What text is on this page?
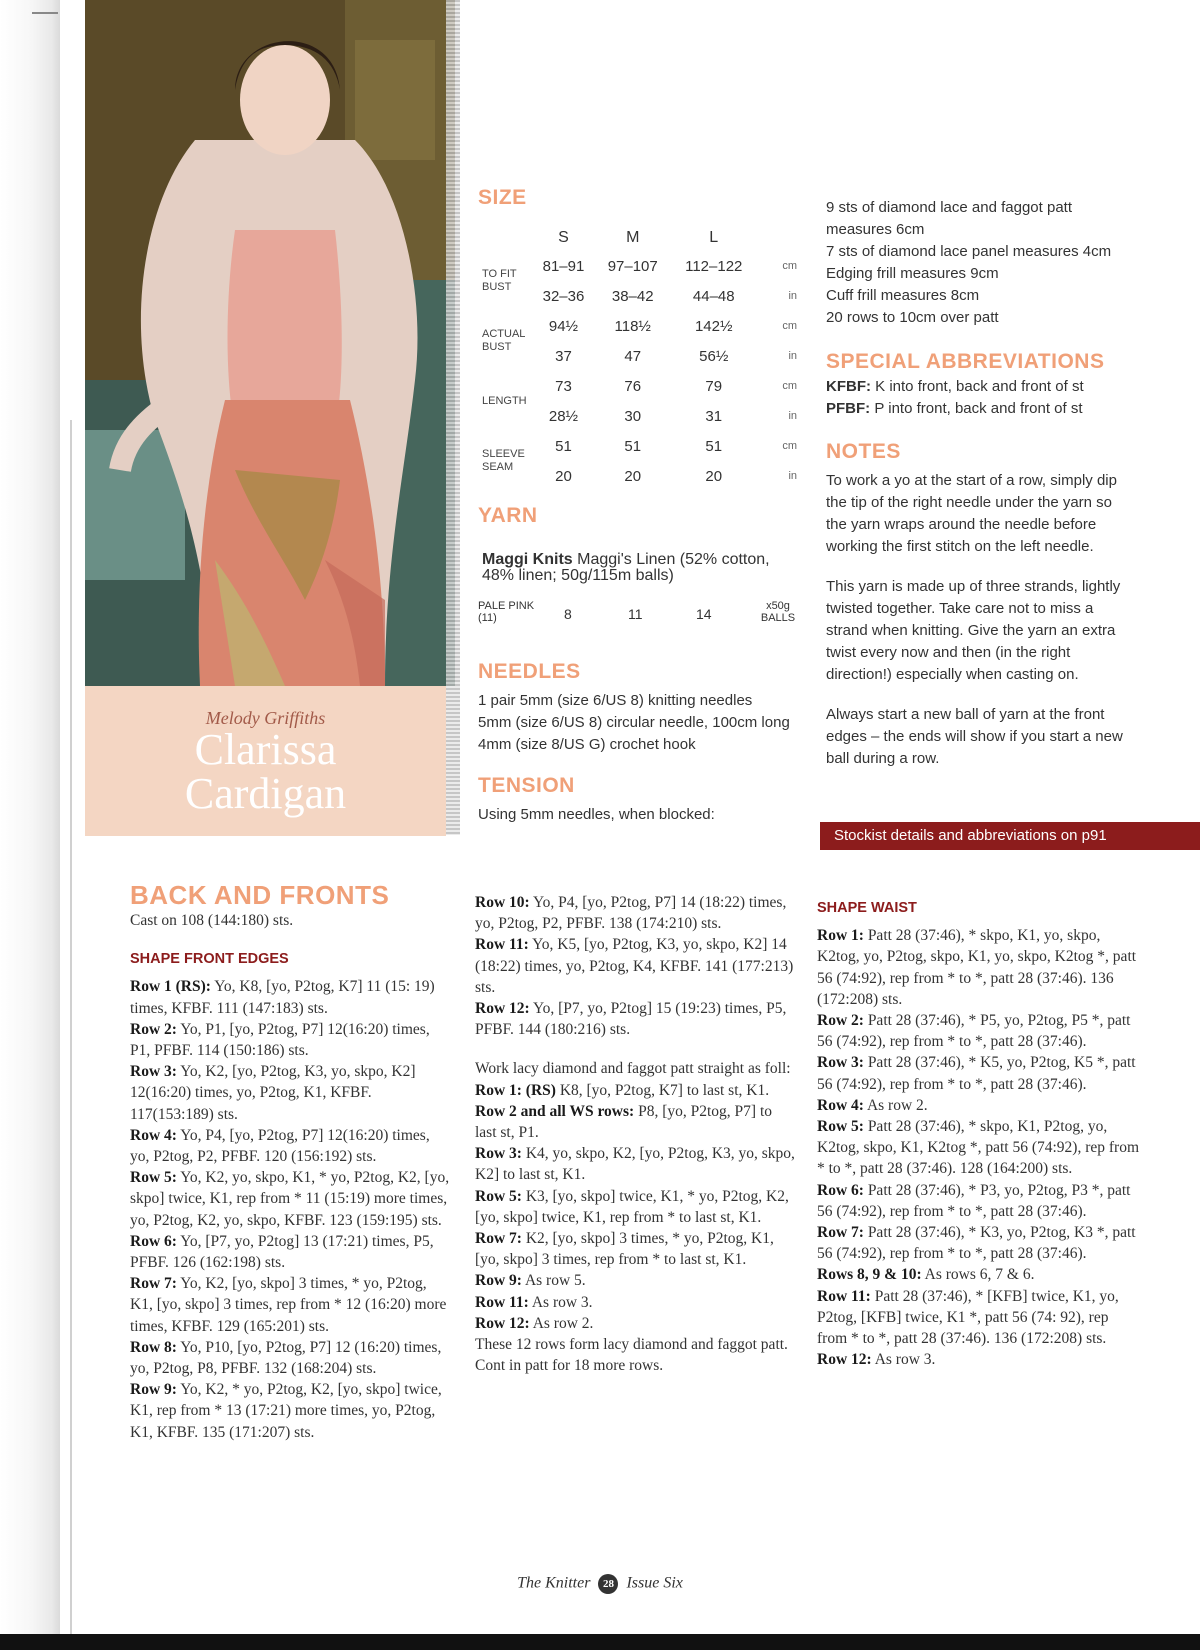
Melody Griffiths
Clarissa
Cardigan
SIZE
	S	M	L	
TO FIT
BUST	81–91	97–107	112–122	cm
	32–36	38–42	44–48	in
ACTUAL
BUST	94½	118½	142½	cm
	37	47	56½	in
LENGTH	73	76	79	cm
	28½	30	31	in
SLEEVE
SEAM	51	51	51	cm
	20	20	20	in
YARN
Maggi Knits Maggi's Linen (52% cotton, 48% linen; 50g/115m balls)
PALE PINK (11)	8	11	14	x50g BALLS
NEEDLES
1 pair 5mm (size 6/US 8) knitting needles
5mm (size 6/US 8) circular needle, 100cm long
4mm (size 8/US G) crochet hook
TENSION
Using 5mm needles, when blocked:
9 sts of diamond lace and faggot patt measures 6cm
7 sts of diamond lace panel measures 4cm
Edging frill measures 9cm
Cuff frill measures 8cm
20 rows to 10cm over patt
SPECIAL ABBREVIATIONS
KFBF: K into front, back and front of st
PFBF: P into front, back and front of st
NOTES
To work a yo at the start of a row, simply dip the tip of the right needle under the yarn so the yarn wraps around the needle before working the first stitch on the left needle.
This yarn is made up of three strands, lightly twisted together. Take care not to miss a strand when knitting. Give the yarn an extra twist every now and then (in the right direction!) especially when casting on.
Always start a new ball of yarn at the front edges – the ends will show if you start a new ball during a row.
Stockist details and abbreviations on p91
BACK AND FRONTS

Cast on 108 (144:180) sts.

SHAPE FRONT EDGES

Row 1 (RS): Yo, K8, [yo, P2tog, K7] 11 (15: 19) times, KFBF. 111 (147:183) sts.

Row 2: Yo, P1, [yo, P2tog, P7] 12(16:20) times, P1, PFBF. 114 (150:186) sts.

Row 3: Yo, K2, [yo, P2tog, K3, yo, skpo, K2] 12(16:20) times, yo, P2tog, K1, KFBF. 117(153:189) sts.

Row 4: Yo, P4, [yo, P2tog, P7] 12(16:20) times, yo, P2tog, P2, PFBF. 120 (156:192) sts.

Row 5: Yo, K2, yo, skpo, K1, * yo, P2tog, K2, [yo, skpo] twice, K1, rep from * 11 (15:19) more times, yo, P2tog, K2, yo, skpo, KFBF. 123 (159:195) sts.

Row 6: Yo, [P7, yo, P2tog] 13 (17:21) times, P5, PFBF. 126 (162:198) sts.

Row 7: Yo, K2, [yo, skpo] 3 times, * yo, P2tog, K1, [yo, skpo] 3 times, rep from * 12 (16:20) more times, KFBF. 129 (165:201) sts.

Row 8: Yo, P10, [yo, P2tog, P7] 12 (16:20) times, yo, P2tog, P8, PFBF. 132 (168:204) sts.

Row 9: Yo, K2, * yo, P2tog, K2, [yo, skpo] twice, K1, rep from * 13 (17:21) more times, yo, P2tog, K1, KFBF. 135 (171:207) sts.

Row 10: Yo, P4, [yo, P2tog, P7] 14 (18:22) times, yo, P2tog, P2, PFBF. 138 (174:210) sts.

Row 11: Yo, K5, [yo, P2tog, K3, yo, skpo, K2] 14 (18:22) times, yo, P2tog, K4, KFBF. 141 (177:213) sts.

Row 12: Yo, [P7, yo, P2tog] 15 (19:23) times, P5, PFBF. 144 (180:216) sts.

Work lacy diamond and faggot patt straight as foll:

Row 1: (RS) K8, [yo, P2tog, K7] to last st, K1.

Row 2 and all WS rows: P8, [yo, P2tog, P7] to last st, P1.

Row 3: K4, yo, skpo, K2, [yo, P2tog, K3, yo, skpo, K2] to last st, K1.

Row 5: K3, [yo, skpo] twice, K1, * yo, P2tog, K2, [yo, skpo] twice, K1, rep from * to last st, K1.

Row 7: K2, [yo, skpo] 3 times, * yo, P2tog, K1, [yo, skpo] 3 times, rep from * to last st, K1.

Row 9: As row 5.

Row 11: As row 3.

Row 12: As row 2.

These 12 rows form lacy diamond and faggot patt.

Cont in patt for 18 more rows.

SHAPE WAIST

Row 1: Patt 28 (37:46), * skpo, K1, yo, skpo, K2tog, yo, P2tog, skpo, K1, yo, skpo, K2tog *, patt 56 (74:92), rep from * to *, patt 28 (37:46). 136 (172:208) sts.

Row 2: Patt 28 (37:46), * P5, yo, P2tog, P5 *, patt 56 (74:92), rep from * to *, patt 28 (37:46).

Row 3: Patt 28 (37:46), * K5, yo, P2tog, K5 *, patt 56 (74:92), rep from * to *, patt 28 (37:46).

Row 4: As row 2.

Row 5: Patt 28 (37:46), * skpo, K1, P2tog, yo, K2tog, skpo, K1, K2tog *, patt 56 (74:92), rep from * to *, patt 28 (37:46). 128 (164:200) sts.

Row 6: Patt 28 (37:46), * P3, yo, P2tog, P3 *, patt 56 (74:92), rep from * to *, patt 28 (37:46).

Row 7: Patt 28 (37:46), * K3, yo, P2tog, K3 *, patt 56 (74:92), rep from * to *, patt 28 (37:46).

Rows 8, 9 & 10: As rows 6, 7 & 6.

Row 11: Patt 28 (37:46), * [KFB] twice, K1, yo, P2tog, [KFB] twice, K1 *, patt 56 (74: 92), rep from * to *, patt 28 (37:46). 136 (172:208) sts.

Row 12: As row 3.

The Knitter 28 Issue Six
